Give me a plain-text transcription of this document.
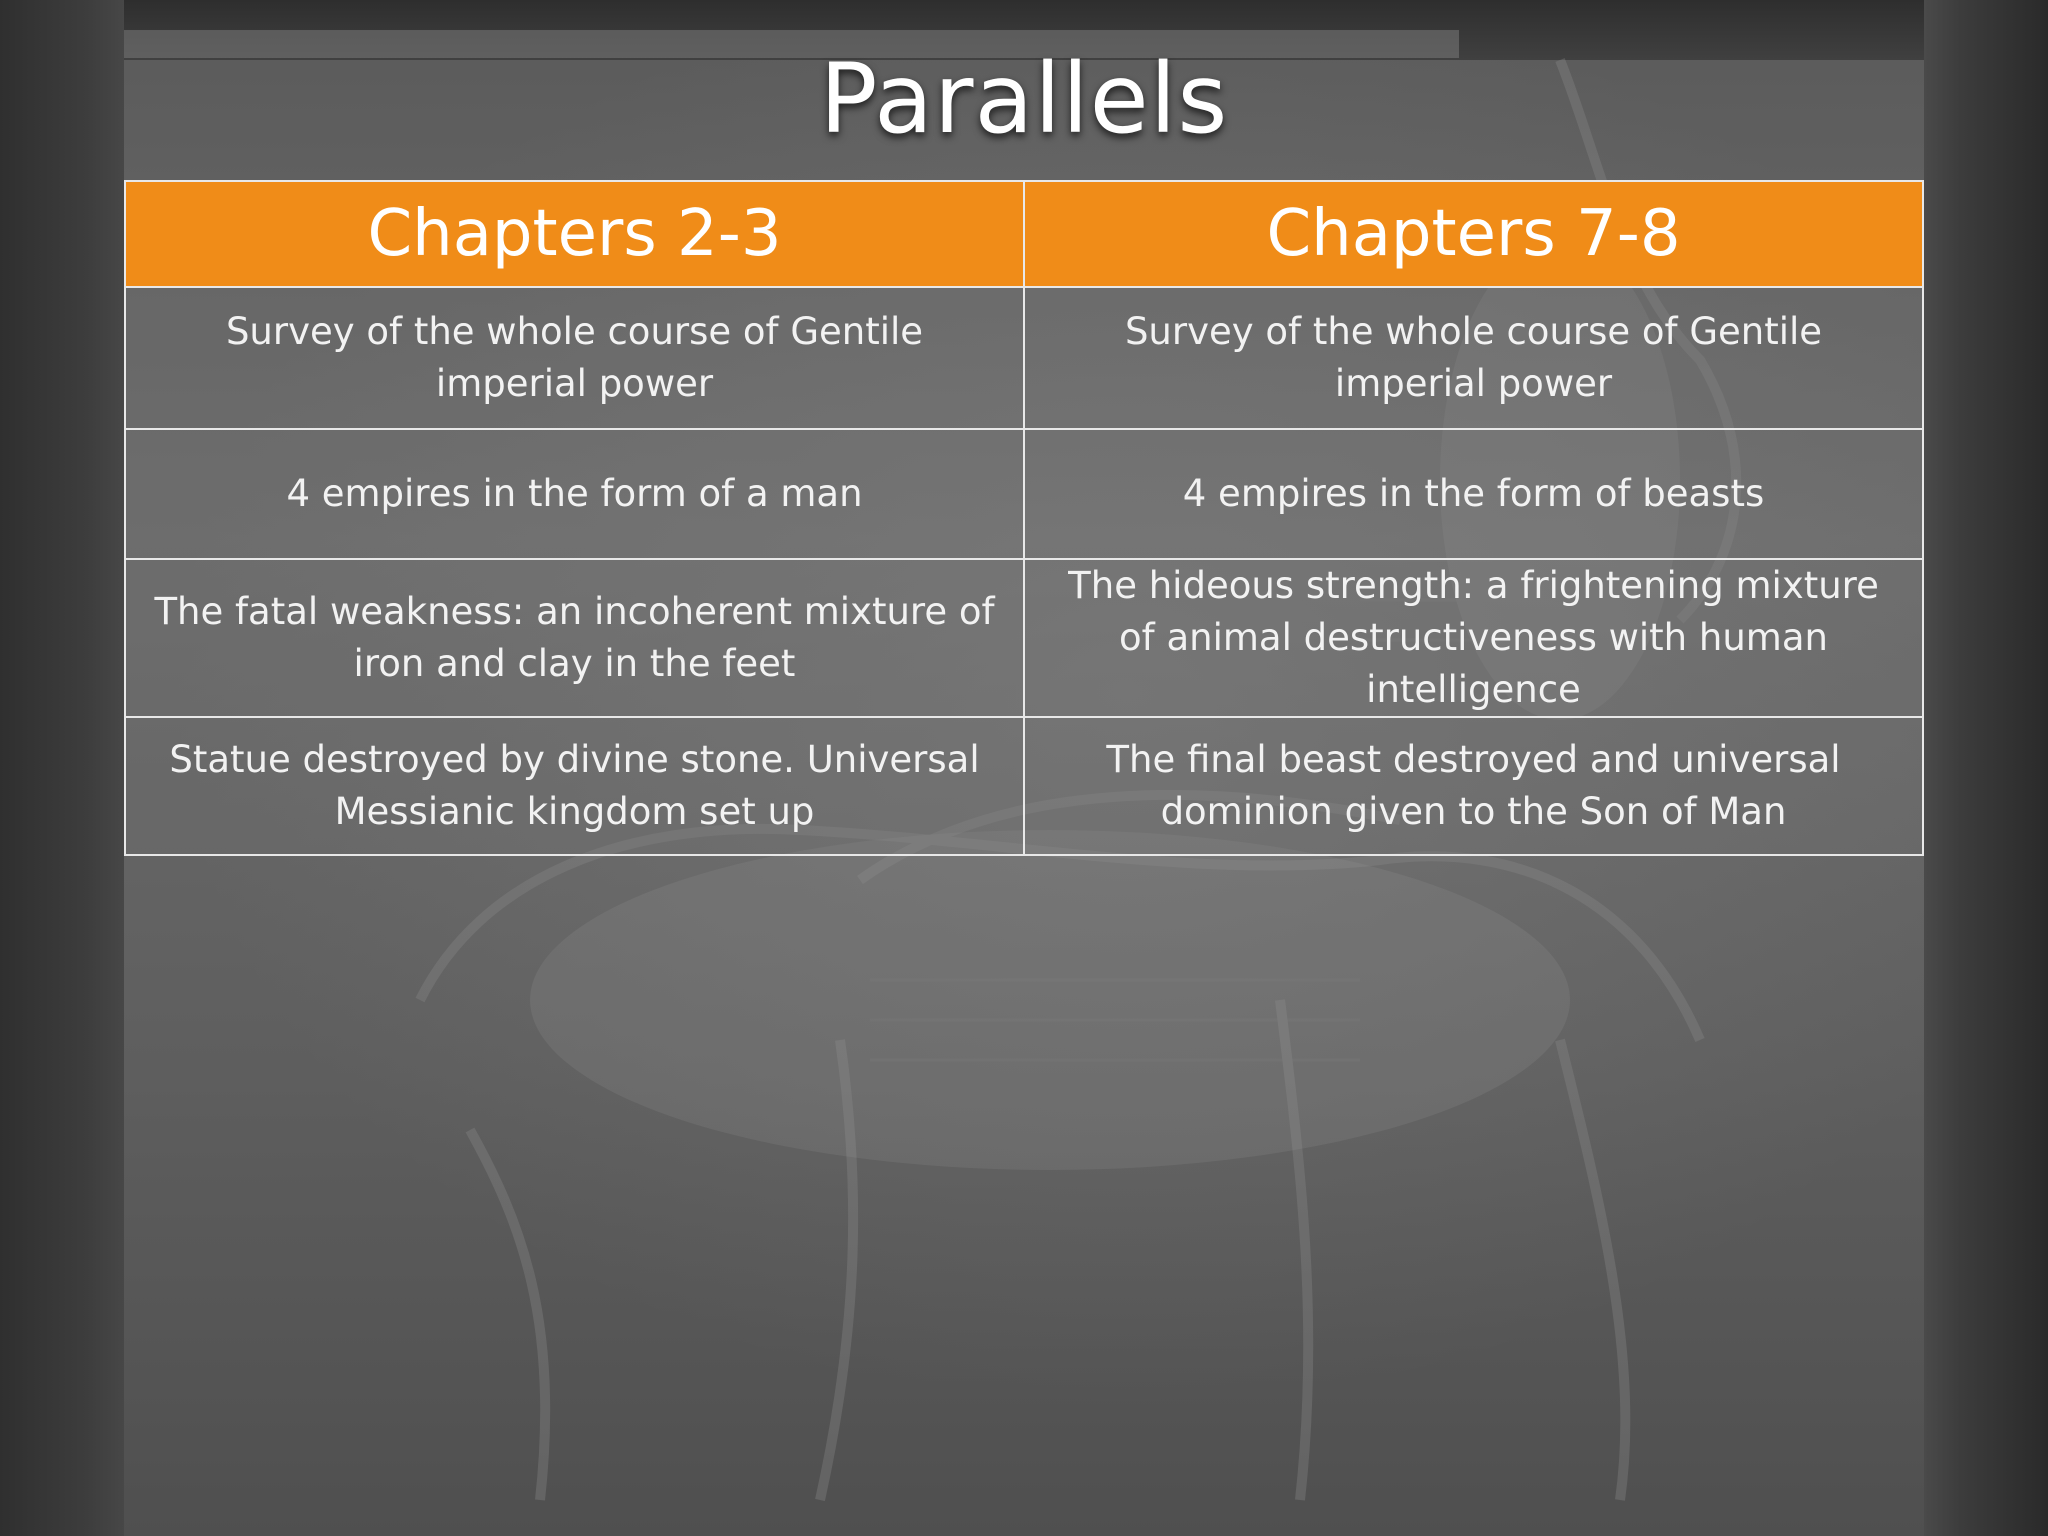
Parallels
Chapters 2-3	Chapters 7-8
Survey of the whole course of Gentile imperial power	Survey of the whole course of Gentile imperial power
4 empires in the form of a man	4 empires in the form of beasts
The fatal weakness: an incoherent mixture of iron and clay in the feet	The hideous strength: a frightening mixture of animal destructiveness with human intelligence
Statue destroyed by divine stone. Universal Messianic kingdom set up	The final beast destroyed and universal dominion given to the Son of Man
